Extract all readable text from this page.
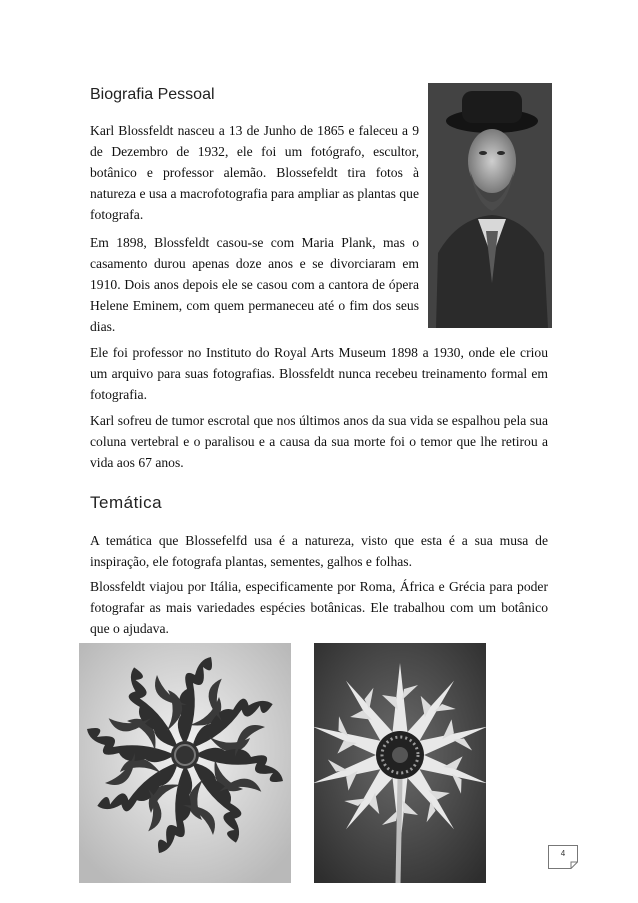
Biografia Pessoal

Karl Blossfeldt nasceu a 13 de Junho de 1865 e faleceu a 9 de Dezembro de 1932, ele foi um fotógrafo, escultor, botânico e professor alemão. Blossefeldt tira fotos à natureza e usa a macrofotografia para ampliar as plantas que fotografa.

Em 1898, Blossfeldt casou-se com Maria Plank, mas o casamento durou apenas doze anos e se divorciaram em 1910. Dois anos depois ele se casou com a cantora de ópera Helene Eminem, com quem permaneceu até o fim dos seus dias.

Ele foi professor no Instituto do Royal Arts Museum 1898 a 1930, onde ele criou um arquivo para suas fotografias. Blossfeldt nunca recebeu treinamento formal em fotografia.

Karl sofreu de tumor escrotal que nos últimos anos da sua vida se espalhou pela sua coluna vertebral e o paralisou e a causa da sua morte foi o temor que lhe retirou a vida aos 67 anos.

Temática

A temática que Blossefelfd usa é a natureza, visto que esta é a sua musa de inspiração, ele fotografa plantas, sementes, galhos e folhas.

Blossfeldt viajou por Itália, especificamente por Roma, África e Grécia para poder fotografar as mais variedades espécies botânicas. Ele trabalhou com um botânico que o ajudava.

4
